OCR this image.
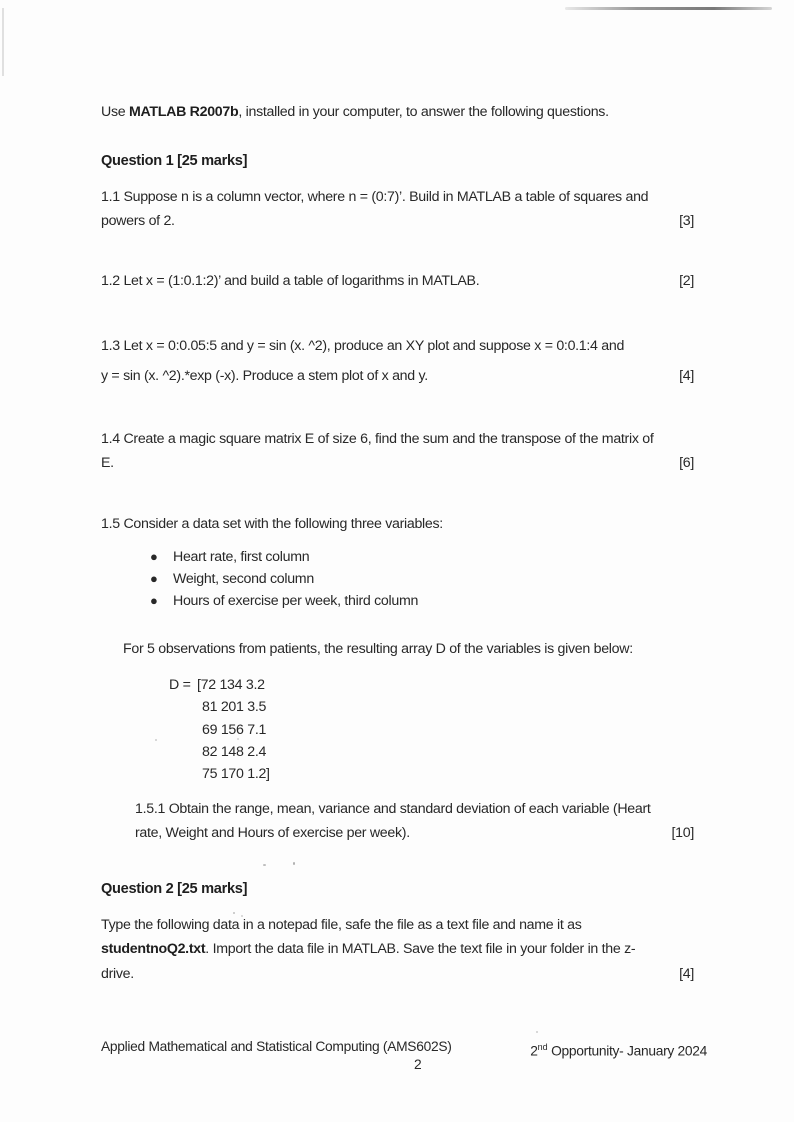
Use MATLAB R2007b, installed in your computer, to answer the following questions.
Question 1 [25 marks]
1.1 Suppose n is a column vector, where n = (0:7)’. Build in MATLAB a table of squares and
powers of 2.	[3]
1.2 Let x = (1:0.1:2)’ and build a table of logarithms in MATLAB.	[2]
1.3 Let x = 0:0.05:5 and y = sin (x. ^2), produce an XY plot and suppose x = 0:0.1:4 and
y = sin (x. ^2).*exp (-x). Produce a stem plot of x and y.	[4]
1.4 Create a magic square matrix E of size 6, find the sum and the transpose of the matrix of
E.	[6]
1.5 Consider a data set with the following three variables:
● Heart rate, first column
● Weight, second column
● Hours of exercise per week, third column
For 5 observations from patients, the resulting array D of the variables is given below:
D = [72 134 3.2
81 201 3.5
69 156 7.1
82 148 2.4
75 170 1.2]
1.5.1 Obtain the range, mean, variance and standard deviation of each variable (Heart
rate, Weight and Hours of exercise per week).	[10]
Question 2 [25 marks]
Type the following data in a notepad file, safe the file as a text file and name it as
studentnoQ2.txt. Import the data file in MATLAB. Save the text file in your folder in the z-
drive.	[4]
Applied Mathematical and Statistical Computing (AMS602S)	2nd Opportunity- January 2024
2
